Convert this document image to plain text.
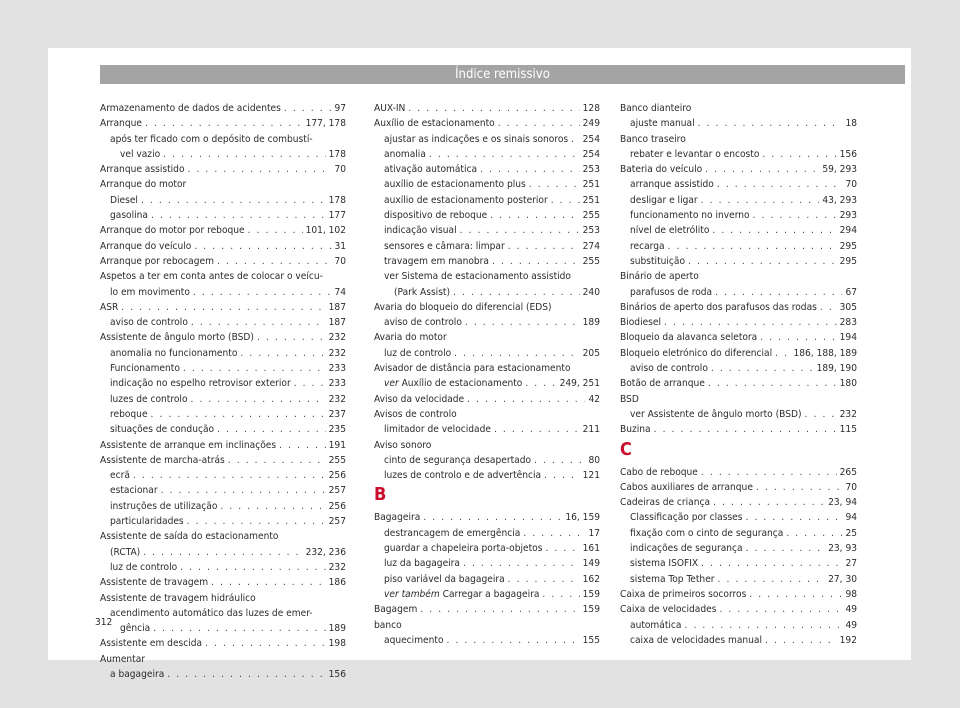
Índice remissivo
Armazenamento de dados de acidentes . . .	97
Arranque . . .	177, 178
após ter ficado com o depósito de combustí-
vel vazio . . .	178
Arranque assistido . . .	70
Arranque do motor
Diesel . . .	178
gasolina . . .	177
Arranque do motor por reboque . . .	101, 102
Arranque do veículo . . .	31
Arranque por rebocagem . . .	70
Aspetos a ter em conta antes de colocar o veícu-
lo em movimento . . .	74
ASR . . .	187
aviso de controlo . . .	187
Assistente de ângulo morto (BSD) . . .	232
anomalia no funcionamento . . .	232
Funcionamento . . .	233
indicação no espelho retrovisor exterior . . .	233
luzes de controlo . . .	232
reboque . . .	237
situações de condução . . .	235
Assistente de arranque em inclinações . . .	191
Assistente de marcha-atrás . . .	255
ecrã . . .	256
estacionar . . .	257
instruções de utilização . . .	256
particularidades . . .	257
Assistente de saída do estacionamento
(RCTA) . . .	232, 236
luz de controlo . . .	232
Assistente de travagem . . .	186
Assistente de travagem hidráulico
acendimento automático das luzes de emer-
gência . . .	189
Assistente em descida . . .	198
Aumentar
a bagageira . . .	156
AUX-IN . . .	128
Auxílio de estacionamento . . .	249
ajustar as indicações e os sinais sonoros . . . 254
anomalia . . .	254
ativação automática . . .	253
auxílio de estacionamento plus . . .	251
auxílio de estacionamento posterior . . .	251
dispositivo de reboque . . .	255
indicação visual . . .	253
sensores e câmara: limpar . . .	274
travagem em manobra . . .	255
ver Sistema de estacionamento assistido
(Park Assist) . . .	240
Avaria do bloqueio do diferencial (EDS)
aviso de controlo . . .	189
Avaria do motor
luz de controlo . . .	205
Avisador de distância para estacionamento
ver Auxílio de estacionamento . . .	249, 251
Aviso da velocidade . . .	42
Avisos de controlo
limitador de velocidade . . .	211
Aviso sonoro
cinto de segurança desapertado . . .	80
luzes de controlo e de advertência . . .	121
B
Bagageira . . .	16, 159
destrancagem de emergência . . .	17
guardar a chapeleira porta-objetos . . .	161
luz da bagageira . . .	149
piso variável da bagageira . . .	162
ver também Carregar a bagageira . . .	159
Bagagem . . .	159
banco
aquecimento . . .	155
Banco dianteiro
ajuste manual . . .	18
Banco traseiro
rebater e levantar o encosto . . .	156
Bateria do veículo . . .	59, 293
arranque assistido . . .	70
desligar e ligar . . .	43, 293
funcionamento no inverno . . .	293
nível de eletrólito . . .	294
recarga . . .	295
substituição . . .	295
Binário de aperto
parafusos de roda . . .	67
Binários de aperto dos parafusos das rodas . . . 305
Biodiesel . . .	283
Bloqueio da alavanca seletora . . .	194
Bloqueio eletrónico do diferencial . . . 186, 188, 189
aviso de controlo . . .	189, 190
Botão de arranque . . .	180
BSD
ver Assistente de ângulo morto (BSD) . . .	232
Buzina . . .	115
C
Cabo de reboque . . .	265
Cabos auxiliares de arranque . . .	70
Cadeiras de criança . . .	23, 94
Classificação por classes . . .	94
fixação com o cinto de segurança . . .	25
indicações de segurança . . .	23, 93
sistema ISOFIX . . .	27
sistema Top Tether . . .	27, 30
Caixa de primeiros socorros . . .	98
Caixa de velocidades . . .	49
automática . . .	49
caixa de velocidades manual . . .	192
312
